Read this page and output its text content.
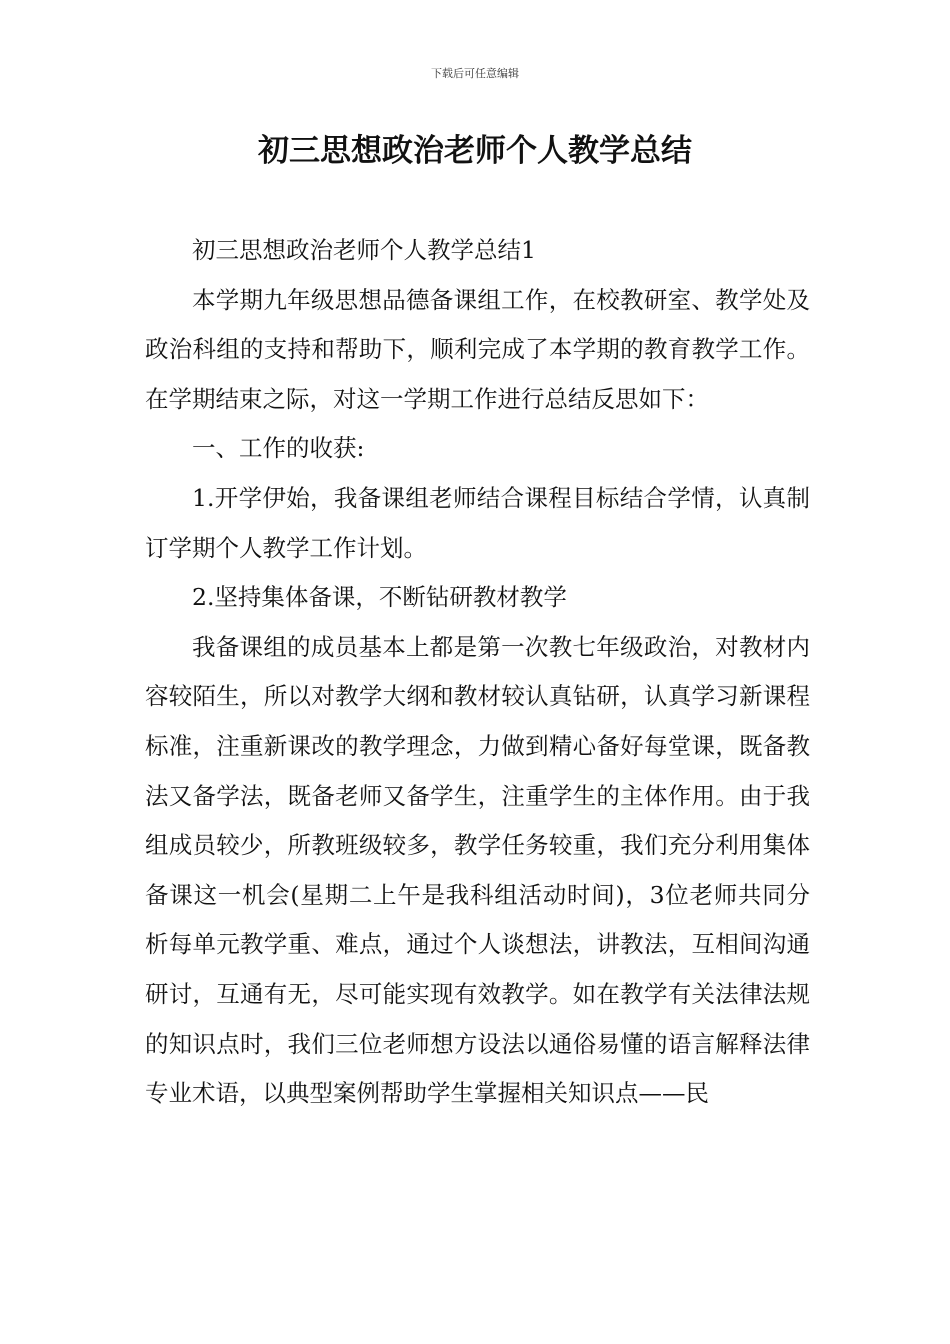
下载后可任意编辑
初三思想政治老师个人教学总结

初三思想政治老师个人教学总结1

本学期九年级思想品德备课组工作，在校教研室、教学处及政治科组的支持和帮助下，顺利完成了本学期的教育教学工作。在学期结束之际，对这一学期工作进行总结反思如下：

一、工作的收获:

1.开学伊始，我备课组老师结合课程目标结合学情，认真制订学期个人教学工作计划。

2.坚持集体备课，不断钻研教材教学

我备课组的成员基本上都是第一次教七年级政治，对教材内容较陌生，所以对教学大纲和教材较认真钻研，认真学习新课程标准，注重新课改的教学理念，力做到精心备好每堂课，既备教法又备学法，既备老师又备学生，注重学生的主体作用。由于我组成员较少，所教班级较多，教学任务较重，我们充分利用集体备课这一机会(星期二上午是我科组活动时间)，3位老师共同分析每单元教学重、难点，通过个人谈想法，讲教法，互相间沟通研讨，互通有无，尽可能实现有效教学。如在教学有关法律法规的知识点时，我们三位老师想方设法以通俗易懂的语言解释法律专业术语，以典型案例帮助学生掌握相关知识点——民
